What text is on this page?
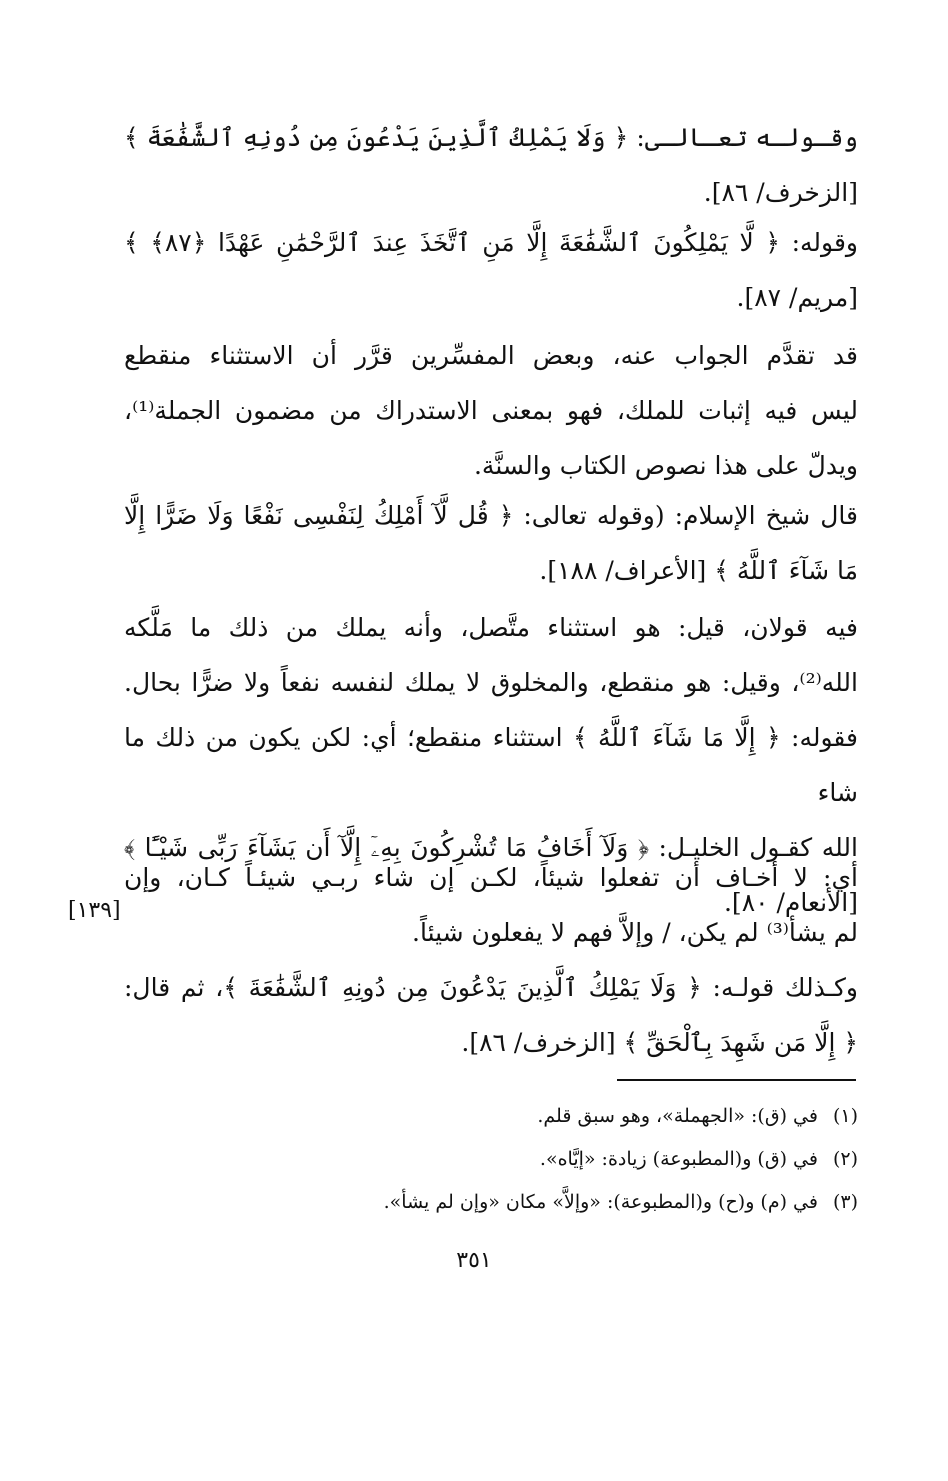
وقـولـه تعـالـى: ﴿ وَلَا يَمْلِكُ ٱلَّذِينَ يَدْعُونَ مِن دُونِهِ ٱلشَّفَٰعَةَ ﴾
[الزخرف/ ٨٦].
وقوله: ﴿ لَّا يَمْلِكُونَ ٱلشَّفَٰعَةَ إِلَّا مَنِ ٱتَّخَذَ عِندَ ٱلرَّحْمَٰنِ عَهْدًا ﴿٨٧﴾ ﴾
[مريم/ ٨٧].
قد تقدَّم الجواب عنه، وبعض المفسِّرين قرَّر أن الاستثناء منقطع
ليس فيه إثبات للملك، فهو بمعنى الاستدراك من مضمون الجملة⁽¹⁾،
ويدلّ على هذا نصوص الكتاب والسنَّة.
قال شيخ الإسلام: (وقوله تعالى: ﴿ قُل لَّآ أَمْلِكُ لِنَفْسِى نَفْعًا وَلَا ضَرًّا إِلَّا
مَا شَآءَ ٱللَّهُ ﴾ [الأعراف/ ١٨٨].
فيه قولان، قيل: هو استثناء متَّصل، وأنه يملك من ذلك ما مَلَّكه
الله⁽²⁾، وقيل: هو منقطع، والمخلوق لا يملك لنفسه نفعاً ولا ضرًّا بحال.
فقوله: ﴿ إِلَّا مَا شَآءَ ٱللَّهُ ﴾ استثناء منقطع؛ أي: لكن يكون من ذلك ما شاء
الله كقـول الخليـل: ﴿ وَلَآ أَخَافُ مَا تُشْرِكُونَ بِهِۦٓ إِلَّآ أَن يَشَآءَ رَبِّى شَيْـًٔا ﴾
[الأنعام/ ٨٠].
أي: لا أخـاف أن تفعلوا شيئاً، لكـن إن شاء ربـي شيئـاً كـان، وإن
لم يشأ⁽³⁾ لم يكن، / وإلاَّ فهم لا يفعلون شيئاً.
وكـذلك قولـه: ﴿ وَلَا يَمْلِكُ ٱلَّذِينَ يَدْعُونَ مِن دُونِهِ ٱلشَّفَٰعَةَ ﴾، ثم قال:
﴿ إِلَّا مَن شَهِدَ بِٱلْحَقِّ ﴾ [الزخرف/ ٨٦].
[١٣٩]

(١) في (ق): «الجهملة»، وهو سبق قلم.

(٢) في (ق) و(المطبوعة) زيادة: «إيَّاه».

(٣) في (م) و(ح) و(المطبوعة): «وإلاَّ» مكان «وإن لم يشأ».

٣٥١
